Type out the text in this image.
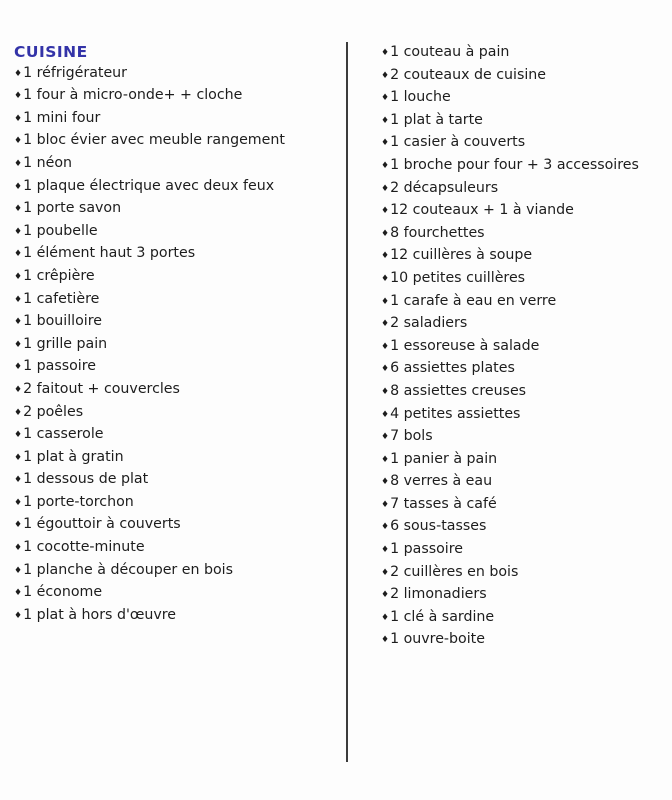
CUISINE
♦ 1 réfrigérateur
♦ 1 four à micro-onde+ + cloche
♦ 1 mini four
♦ 1 bloc évier avec meuble rangement
♦ 1 néon
♦ 1 plaque électrique avec deux feux
♦ 1 porte savon
♦ 1 poubelle
♦ 1 élément haut 3 portes
♦ 1 crêpière
♦ 1 cafetière
♦ 1 bouilloire
♦ 1 grille pain
♦ 1 passoire
♦ 2 faitout + couvercles
♦ 2 poêles
♦ 1 casserole
♦ 1 plat à gratin
♦ 1 dessous de plat
♦ 1 porte-torchon
♦ 1 égouttoir à couverts
♦ 1 cocotte-minute
♦ 1 planche à découper en bois
♦ 1 économe
♦ 1 plat à hors d'œuvre
♦ 1 couteau à pain
♦ 2 couteaux de cuisine
♦ 1 louche
♦ 1 plat à tarte
♦ 1 casier à couverts
♦ 1 broche pour four + 3 accessoires
♦ 2 décapsuleurs
♦ 12 couteaux + 1 à viande
♦ 8 fourchettes
♦ 12 cuillères à soupe
♦ 10 petites cuillères
♦ 1 carafe à eau en verre
♦ 2 saladiers
♦ 1 essoreuse à salade
♦ 6 assiettes plates
♦ 8 assiettes creuses
♦ 4 petites assiettes
♦ 7 bols
♦ 1 panier à pain
♦ 8 verres à eau
♦ 7 tasses à café
♦ 6 sous-tasses
♦ 1 passoire
♦ 2 cuillères en bois
♦ 2 limonadiers
♦ 1 clé à sardine
♦ 1 ouvre-boite
